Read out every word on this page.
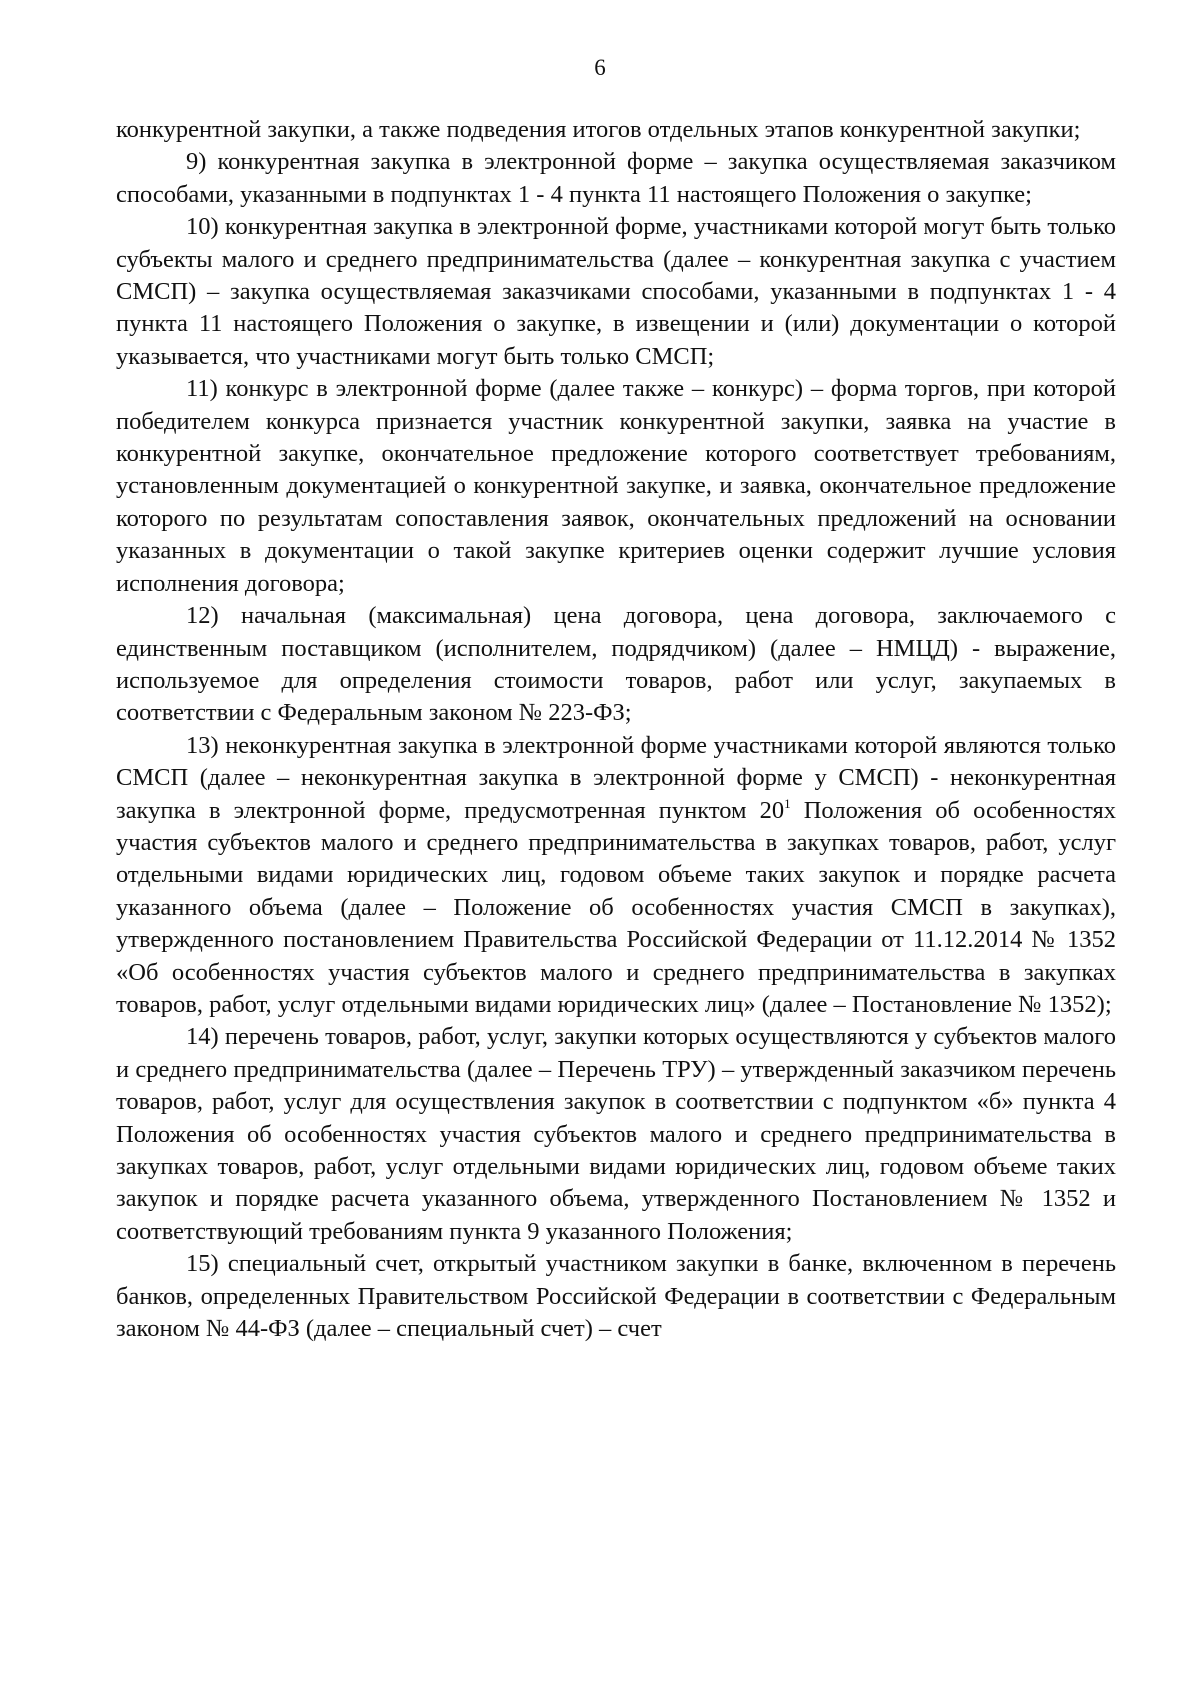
6

конкурентной закупки, а также подведения итогов отдельных этапов конкурентной закупки;

9) конкурентная закупка в электронной форме – закупка осуществляемая заказчиком способами, указанными в подпунктах 1 - 4 пункта 11 настоящего Положения о закупке;

10) конкурентная закупка в электронной форме, участниками которой могут быть только субъекты малого и среднего предпринимательства (далее – конкурентная закупка с участием СМСП) – закупка осуществляемая заказчиками способами, указанными в подпунктах 1 - 4 пункта 11 настоящего Положения о закупке, в извещении и (или) документации о которой указывается, что участниками могут быть только СМСП;

11) конкурс в электронной форме (далее также – конкурс) – форма торгов, при которой победителем конкурса признается участник конкурентной закупки, заявка на участие в конкурентной закупке, окончательное предложение которого соответствует требованиям, установленным документацией о конкурентной закупке, и заявка, окончательное предложение которого по результатам сопоставления заявок, окончательных предложений на основании указанных в документации о такой закупке критериев оценки содержит лучшие условия исполнения договора;

12) начальная (максимальная) цена договора, цена договора, заключаемого с единственным поставщиком (исполнителем, подрядчиком) (далее – НМЦД) - выражение, используемое для определения стоимости товаров, работ или услуг, закупаемых в соответствии с Федеральным законом № 223-ФЗ;

13) неконкурентная закупка в электронной форме участниками которой являются только СМСП (далее – неконкурентная закупка в электронной форме у СМСП) - неконкурентная закупка в электронной форме, предусмотренная пунктом $20^1$ Положения об особенностях участия субъектов малого и среднего предпринимательства в закупках товаров, работ, услуг отдельными видами юридических лиц, годовом объеме таких закупок и порядке расчета указанного объема (далее – Положение об особенностях участия СМСП в закупках), утвержденного постановлением Правительства Российской Федерации от 11.12.2014 № 1352 «Об особенностях участия субъектов малого и среднего предпринимательства в закупках товаров, работ, услуг отдельными видами юридических лиц» (далее – Постановление № 1352);

14) перечень товаров, работ, услуг, закупки которых осуществляются у субъектов малого и среднего предпринимательства (далее – Перечень ТРУ) – утвержденный заказчиком перечень товаров, работ, услуг для осуществления закупок в соответствии с подпунктом «б» пункта 4 Положения об особенностях участия субъектов малого и среднего предпринимательства в закупках товаров, работ, услуг отдельными видами юридических лиц, годовом объеме таких закупок и порядке расчета указанного объема, утвержденного Постановлением № 1352 и соответствующий требованиям пункта 9 указанного Положения;

15) специальный счет, открытый участником закупки в банке, включенном в перечень банков, определенных Правительством Российской Федерации в соответствии с Федеральным законом № 44-ФЗ (далее – специальный счет) – счет
